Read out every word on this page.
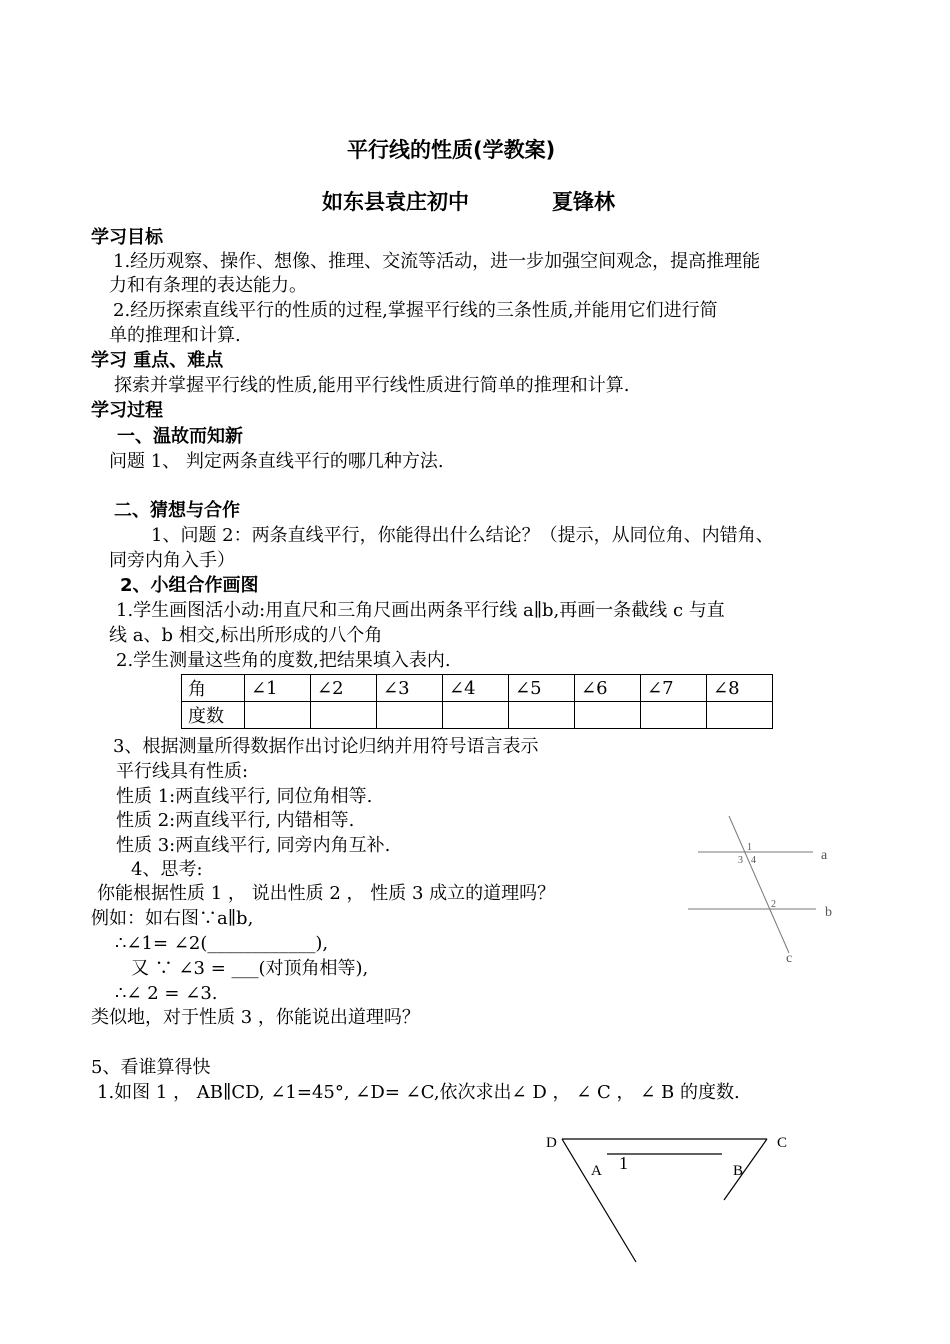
平行线的性质(学教案)
如东县袁庄初中	夏锋林
学习目标
1.经历观察、操作、想像、推理、交流等活动，进一步加强空间观念，提高推理能
力和有条理的表达能力。
2.经历探索直线平行的性质的过程,掌握平行线的三条性质,并能用它们进行简
单的推理和计算.
学习 重点、难点
探索并掌握平行线的性质,能用平行线性质进行简单的推理和计算.
学习过程
一、温故而知新
问题 1、 判定两条直线平行的哪几种方法.
二、猜想与合作
1、问题 2：两条直线平行，你能得出什么结论？（提示，从同位角、内错角、
同旁内角入手）
2、小组合作画图
1.学生画图活小动:用直尺和三角尺画出两条平行线 a∥b,再画一条截线 c 与直
线 a、b 相交,标出所形成的八个角
2.学生测量这些角的度数,把结果填入表内.
角	∠1	∠2	∠3	∠4	∠5	∠6	∠7	∠8
度数								
3、根据测量所得数据作出讨论归纳并用符号语言表示
平行线具有性质:
性质 1:两直线平行, 同位角相等.
性质 2:两直线平行, 内错相等.
性质 3:两直线平行, 同旁内角互补.
4、思考:
你能根据性质 1 ， 说出性质 2 ， 性质 3 成立的道理吗？
例如：如右图∵a∥b,
∴∠1= ∠2(____________),
又 ∵ ∠3 = ___(对顶角相等),
∴∠ 2 = ∠3.
类似地，对于性质 3 ，你能说出道理吗？
a
b
c
1
3 4
2
5、看谁算得快
1.如图 1 ， AB∥CD, ∠1=45°, ∠D= ∠C,依次求出∠ D ， ∠ C ， ∠ B 的度数.
D	C
A	B
1
